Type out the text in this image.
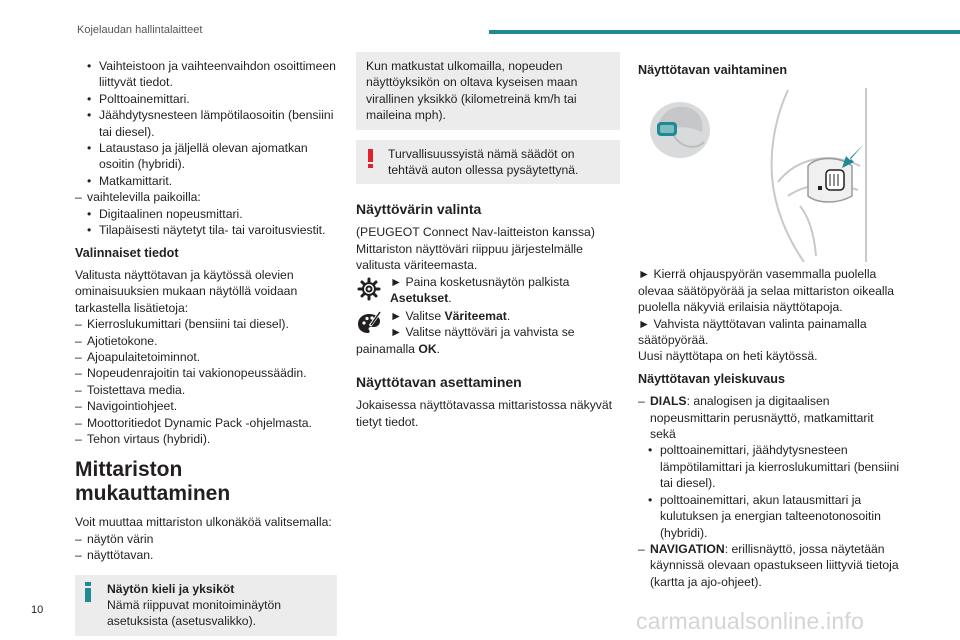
Kojelaudan hallintalaitteet
• Vaihteistoon ja vaihteenvaihdon osoittimeen liittyvät tiedot.
• Polttoainemittari.
• Jäähdytysnesteen lämpötilaosoitin (bensiini tai diesel).
• Lataustaso ja jäljellä olevan ajomatkan osoitin (hybridi).
• Matkamittarit.
– vaihtelevilla paikoilla:
• Digitaalinen nopeusmittari.
• Tilapäisesti näytetyt tila- tai varoitusviestit.
Valinnaiset tiedot
Valitusta näyttötavan ja käytössä olevien ominaisuuksien mukaan näytöllä voidaan tarkastella lisätietoja:
– Kierroslukumittari (bensiini tai diesel).
– Ajotietokone.
– Ajoapulaitetoiminnot.
– Nopeudenrajoitin tai vakionopeussäädin.
– Toistettava media.
– Navigointiohjeet.
– Moottoritiedot Dynamic Pack -ohjelmasta.
– Tehon virtaus (hybridi).
Mittariston mukauttaminen
Voit muuttaa mittariston ulkonäköä valitsemalla:
– näytön värin
– näyttötavan.
Näytön kieli ja yksiköt
Nämä riippuvat monitoiminäytön asetuksista (asetusvalikko).
Kun matkustat ulkomailla, nopeuden näyttöyksikön on oltava kyseisen maan virallinen yksikkö (kilometreinä km/h tai maileina mph).
Turvallisuussyistä nämä säädöt on tehtävä auton ollessa pysäytettynä.
Näyttövärin valinta
(PEUGEOT Connect Nav-laitteiston kanssa) Mittariston näyttöväri riippuu järjestelmälle valitusta väriteemasta.
► Paina kosketusnäytön palkista
Asetukset.
► Valitse Väriteemat.
► Valitse näyttöväri ja vahvista se painamalla OK.
Näyttötavan asettaminen
Jokaisessa näyttötavassa mittaristossa näkyvät tietyt tiedot.
Näyttötavan vaihtaminen
► Kierrä ohjauspyörän vasemmalla puolella olevaa säätöpyörää ja selaa mittariston oikealla puolella näkyviä erilaisia näyttötapoja.
► Vahvista näyttötavan valinta painamalla säätöpyörää.
Uusi näyttötapa on heti käytössä.
Näyttötavan yleiskuvaus
– DIALS: analogisen ja digitaalisen nopeusmittarin perusnäyttö, matkamittarit sekä
• polttoainemittari, jäähdytysnesteen lämpötilamittari ja kierroslukumittari (bensiini tai diesel).
• polttoainemittari, akun latausmittari ja kulutuksen ja energian talteenotonosoitin (hybridi).
– NAVIGATION: erillisnäyttö, jossa näytetään käynnissä olevaan opastukseen liittyviä tietoja (kartta ja ajo-ohjeet).
10	carmanualsonline.info
